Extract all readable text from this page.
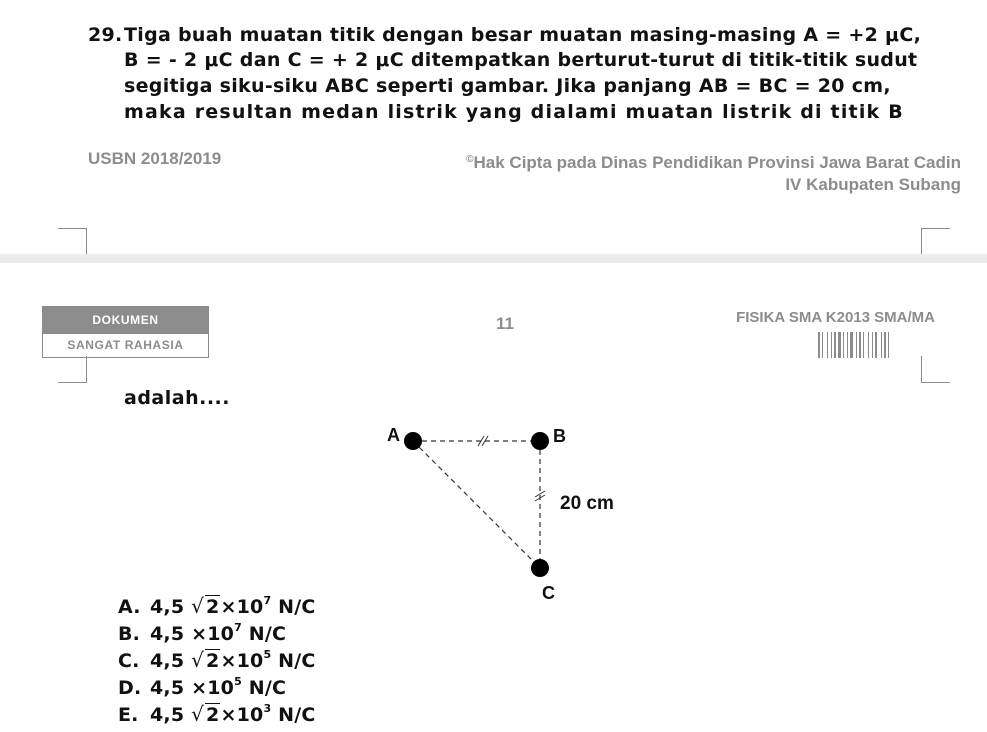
29. Tiga buah muatan titik dengan besar muatan masing-masing A = +2 μC,
B = - 2 μC dan C = + 2 μC ditempatkan berturut-turut di titik-titik sudut
segitiga siku-siku ABC seperti gambar. Jika panjang AB = BC = 20 cm,
maka resultan medan listrik yang dialami muatan listrik di titik B
USBN 2018/2019	©Hak Cipta pada Dinas Pendidikan Provinsi Jawa Barat Cadin
IV Kabupaten Subang
DOKUMEN
SANGAT RAHASIA
11	FISIKA SMA K2013 SMA/MA
adalah....
A	B
C
20 cm
A. 4,5 √ $2\times 10^7$ N/C
B. $4,5 \times 10^7$ N/C
C. 4,5 √ $2\times 10^5$ N/C
D. $4,5 \times 10^5$ N/C
E. 4,5 √ $2\times 10^3$ N/C
